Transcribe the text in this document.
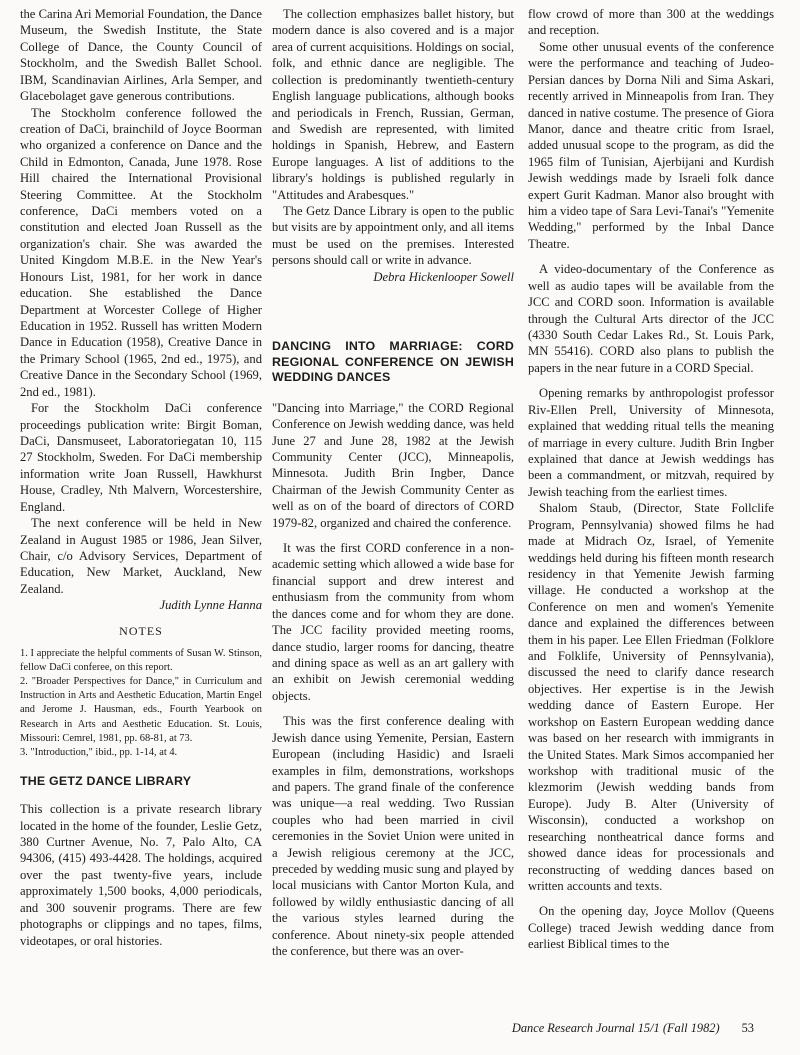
the Carina Ari Memorial Foundation, the Dance Museum, the Swedish Institute, the State College of Dance, the County Council of Stockholm, and the Swedish Ballet School. IBM, Scandinavian Airlines, Arla Semper, and Glacebolaget gave generous contributions.

The Stockholm conference followed the creation of DaCi, brainchild of Joyce Boorman who organized a conference on Dance and the Child in Edmonton, Canada, June 1978. Rose Hill chaired the International Provisional Steering Committee. At the Stockholm conference, DaCi members voted on a constitution and elected Joan Russell as the organization's chair. She was awarded the United Kingdom M.B.E. in the New Year's Honours List, 1981, for her work in dance education. She established the Dance Department at Worcester College of Higher Education in 1952. Russell has written Modern Dance in Education (1958), Creative Dance in the Primary School (1965, 2nd ed., 1975), and Creative Dance in the Secondary School (1969, 2nd ed., 1981).

For the Stockholm DaCi conference proceedings publication write: Birgit Boman, DaCi, Dansmuseet, Laboratoriegatan 10, 115 27 Stockholm, Sweden. For DaCi membership information write Joan Russell, Hawkhurst House, Cradley, Nth Malvern, Worcestershire, England.

The next conference will be held in New Zealand in August 1985 or 1986, Jean Silver, Chair, c/o Advisory Services, Department of Education, New Market, Auckland, New Zealand.

Judith Lynne Hanna

NOTES

1. I appreciate the helpful comments of Susan W. Stinson, fellow DaCi conferee, on this report.

2. "Broader Perspectives for Dance," in Curriculum and Instruction in Arts and Aesthetic Education, Martin Engel and Jerome J. Hausman, eds., Fourth Yearbook on Research in Arts and Aesthetic Education. St. Louis, Missouri: Cemrel, 1981, pp. 68-81, at 73.

3. "Introduction," ibid., pp. 1-14, at 4.

THE GETZ DANCE LIBRARY

This collection is a private research library located in the home of the founder, Leslie Getz, 380 Curtner Avenue, No. 7, Palo Alto, CA 94306, (415) 493-4428. The holdings, acquired over the past twenty-five years, include approximately 1,500 books, 4,000 periodicals, and 300 souvenir programs. There are few photographs or clippings and no tapes, films, videotapes, or oral histories.

The collection emphasizes ballet history, but modern dance is also covered and is a major area of current acquisitions. Holdings on social, folk, and ethnic dance are negligible. The collection is predominantly twentieth-century English language publications, although books and periodicals in French, Russian, German, and Swedish are represented, with limited holdings in Spanish, Hebrew, and Eastern Europe languages. A list of additions to the library's holdings is published regularly in "Attitudes and Arabesques."

The Getz Dance Library is open to the public but visits are by appointment only, and all items must be used on the premises. Interested persons should call or write in advance.

Debra Hickenlooper Sowell

DANCING INTO MARRIAGE: CORD REGIONAL CONFERENCE ON JEWISH WEDDING DANCES

"Dancing into Marriage," the CORD Regional Conference on Jewish wedding dance, was held June 27 and June 28, 1982 at the Jewish Community Center (JCC), Minneapolis, Minnesota. Judith Brin Ingber, Dance Chairman of the Jewish Community Center as well as on of the board of directors of CORD 1979-82, organized and chaired the conference.

It was the first CORD conference in a non-academic setting which allowed a wide base for financial support and drew interest and enthusiasm from the community from whom the dances come and for whom they are done. The JCC facility provided meeting rooms, dance studio, larger rooms for dancing, theatre and dining space as well as an art gallery with an exhibit on Jewish ceremonial wedding objects.

This was the first conference dealing with Jewish dance using Yemenite, Persian, Eastern European (including Hasidic) and Israeli examples in film, demonstrations, workshops and papers. The grand finale of the conference was unique—a real wedding. Two Russian couples who had been married in civil ceremonies in the Soviet Union were united in a Jewish religious ceremony at the JCC, preceded by wedding music sung and played by local musicians with Cantor Morton Kula, and followed by wildly enthusiastic dancing of all the various styles learned during the conference. About ninety-six people attended the conference, but there was an over-

flow crowd of more than 300 at the weddings and reception.

Some other unusual events of the conference were the performance and teaching of Judeo-Persian dances by Dorna Nili and Sima Askari, recently arrived in Minneapolis from Iran. They danced in native costume. The presence of Giora Manor, dance and theatre critic from Israel, added unusual scope to the program, as did the 1965 film of Tunisian, Ajerbijani and Kurdish Jewish weddings made by Israeli folk dance expert Gurit Kadman. Manor also brought with him a video tape of Sara Levi-Tanai's "Yemenite Wedding," performed by the Inbal Dance Theatre.

A video-documentary of the Conference as well as audio tapes will be available from the JCC and CORD soon. Information is available through the Cultural Arts director of the JCC (4330 South Cedar Lakes Rd., St. Louis Park, MN 55416). CORD also plans to publish the papers in the near future in a CORD Special.

Opening remarks by anthropologist professor Riv-Ellen Prell, University of Minnesota, explained that wedding ritual tells the meaning of marriage in every culture. Judith Brin Ingber explained that dance at Jewish weddings has been a commandment, or mitzvah, required by Jewish teaching from the earliest times.

Shalom Staub, (Director, State Follclife Program, Pennsylvania) showed films he had made at Midrach Oz, Israel, of Yemenite weddings held during his fifteen month research residency in that Yemenite Jewish farming village. He conducted a workshop at the Conference on men and women's Yemenite dance and explained the differences between them in his paper. Lee Ellen Friedman (Folklore and Folklife, University of Pennsylvania), discussed the need to clarify dance research objectives. Her expertise is in the Jewish wedding dance of Eastern Europe. Her workshop on Eastern European wedding dance was based on her research with immigrants in the United States. Mark Simos accompanied her workshop with traditional music of the klezmorim (Jewish wedding bands from Europe). Judy B. Alter (University of Wisconsin), conducted a workshop on researching nontheatrical dance forms and showed dance ideas for processionals and reconstructing of wedding dances based on written accounts and texts.

On the opening day, Joyce Mollov (Queens College) traced Jewish wedding dance from earliest Biblical times to the

Dance Research Journal 15/1 (Fall 1982) 53
